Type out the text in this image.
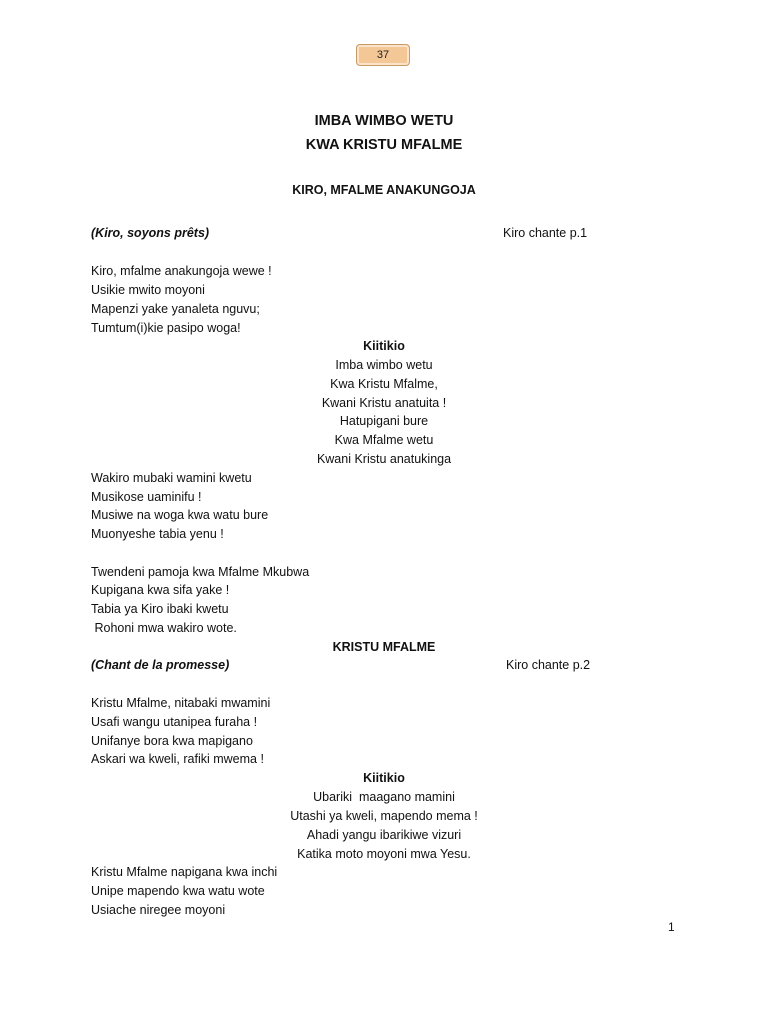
37
IMBA WIMBO WETU
KWA KRISTU MFALME
KIRO, MFALME ANAKUNGOJA
(Kiro, soyons prêts)	Kiro chante p.1
Kiro, mfalme anakungoja wewe !
Usikie mwito moyoni
Mapenzi yake yanaleta nguvu;
Tumtum(i)kie pasipo woga!
Kiitikio
Imba wimbo wetu
Kwa Kristu Mfalme,
Kwani Kristu anatuita !
Hatupigani bure
Kwa Mfalme wetu
Kwani Kristu anatukinga
Wakiro mubaki wamini kwetu
Musikose uaminifu !
Musiwe na woga kwa watu bure
Muonyeshe tabia yenu !
Twendeni pamoja kwa Mfalme Mkubwa
Kupigana kwa sifa yake !
Tabia ya Kiro ibaki kwetu
Rohoni mwa wakiro wote.
KRISTU MFALME
(Chant de la promesse)	Kiro chante p.2
Kristu Mfalme, nitabaki mwamini
Usafi wangu utanipea furaha !
Unifanye bora kwa mapigano
Askari wa kweli, rafiki mwema !
Kiitikio
Ubariki  maagano mamini
Utashi ya kweli, mapendo mema !
Ahadi yangu ibarikiwe vizuri
Katika moto moyoni mwa Yesu.
Kristu Mfalme napigana kwa inchi
Unipe mapendo kwa watu wote
Usiache niregee moyoni
1
